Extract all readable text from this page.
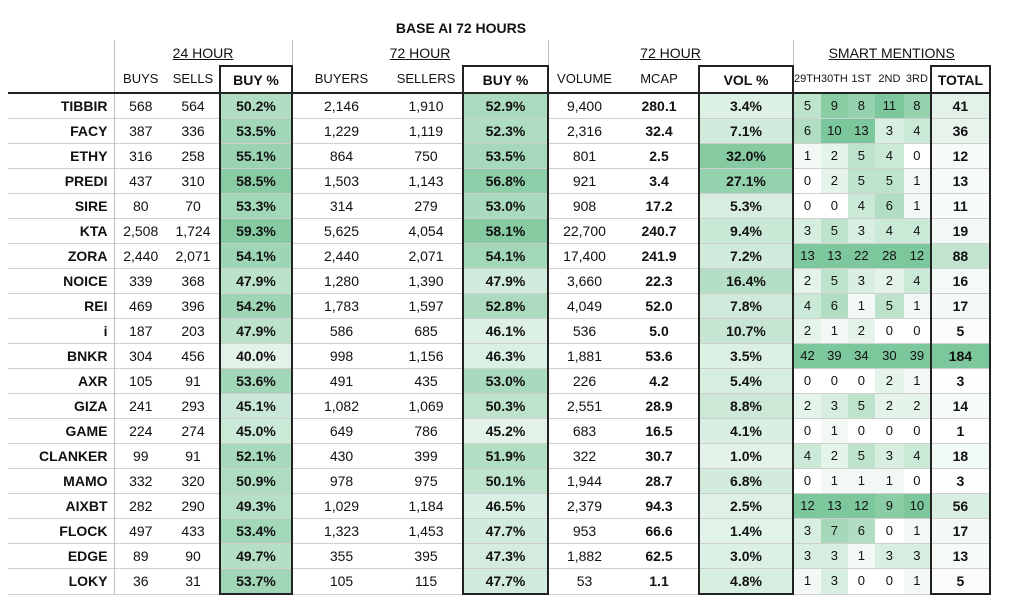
BASE AI 72 HOURS
	24 HOUR			72 HOUR			72 HOUR			SMART MENTIONS					
	BUYS	SELLS	BUY %	BUYERS	SELLERS	BUY %	VOLUME	MCAP	VOL %	29TH	30TH	1ST	2ND	3RD	TOTAL
TIBBIR	568	564	50.2%	2,146	1,910	52.9%	9,400	280.1	3.4%	5	9	8	11	8	41
FACY	387	336	53.5%	1,229	1,119	52.3%	2,316	32.4	7.1%	6	10	13	3	4	36
ETHY	316	258	55.1%	864	750	53.5%	801	2.5	32.0%	1	2	5	4	0	12
PREDI	437	310	58.5%	1,503	1,143	56.8%	921	3.4	27.1%	0	2	5	5	1	13
SIRE	80	70	53.3%	314	279	53.0%	908	17.2	5.3%	0	0	4	6	1	11
KTA	2,508	1,724	59.3%	5,625	4,054	58.1%	22,700	240.7	9.4%	3	5	3	4	4	19
ZORA	2,440	2,071	54.1%	2,440	2,071	54.1%	17,400	241.9	7.2%	13	13	22	28	12	88
NOICE	339	368	47.9%	1,280	1,390	47.9%	3,660	22.3	16.4%	2	5	3	2	4	16
REI	469	396	54.2%	1,783	1,597	52.8%	4,049	52.0	7.8%	4	6	1	5	1	17
i	187	203	47.9%	586	685	46.1%	536	5.0	10.7%	2	1	2	0	0	5
BNKR	304	456	40.0%	998	1,156	46.3%	1,881	53.6	3.5%	42	39	34	30	39	184
AXR	105	91	53.6%	491	435	53.0%	226	4.2	5.4%	0	0	0	2	1	3
GIZA	241	293	45.1%	1,082	1,069	50.3%	2,551	28.9	8.8%	2	3	5	2	2	14
GAME	224	274	45.0%	649	786	45.2%	683	16.5	4.1%	0	1	0	0	0	1
CLANKER	99	91	52.1%	430	399	51.9%	322	30.7	1.0%	4	2	5	3	4	18
MAMO	332	320	50.9%	978	975	50.1%	1,944	28.7	6.8%	0	1	1	1	0	3
AIXBT	282	290	49.3%	1,029	1,184	46.5%	2,379	94.3	2.5%	12	13	12	9	10	56
FLOCK	497	433	53.4%	1,323	1,453	47.7%	953	66.6	1.4%	3	7	6	0	1	17
EDGE	89	90	49.7%	355	395	47.3%	1,882	62.5	3.0%	3	3	1	3	3	13
LOKY	36	31	53.7%	105	115	47.7%	53	1.1	4.8%	1	3	0	0	1	5
